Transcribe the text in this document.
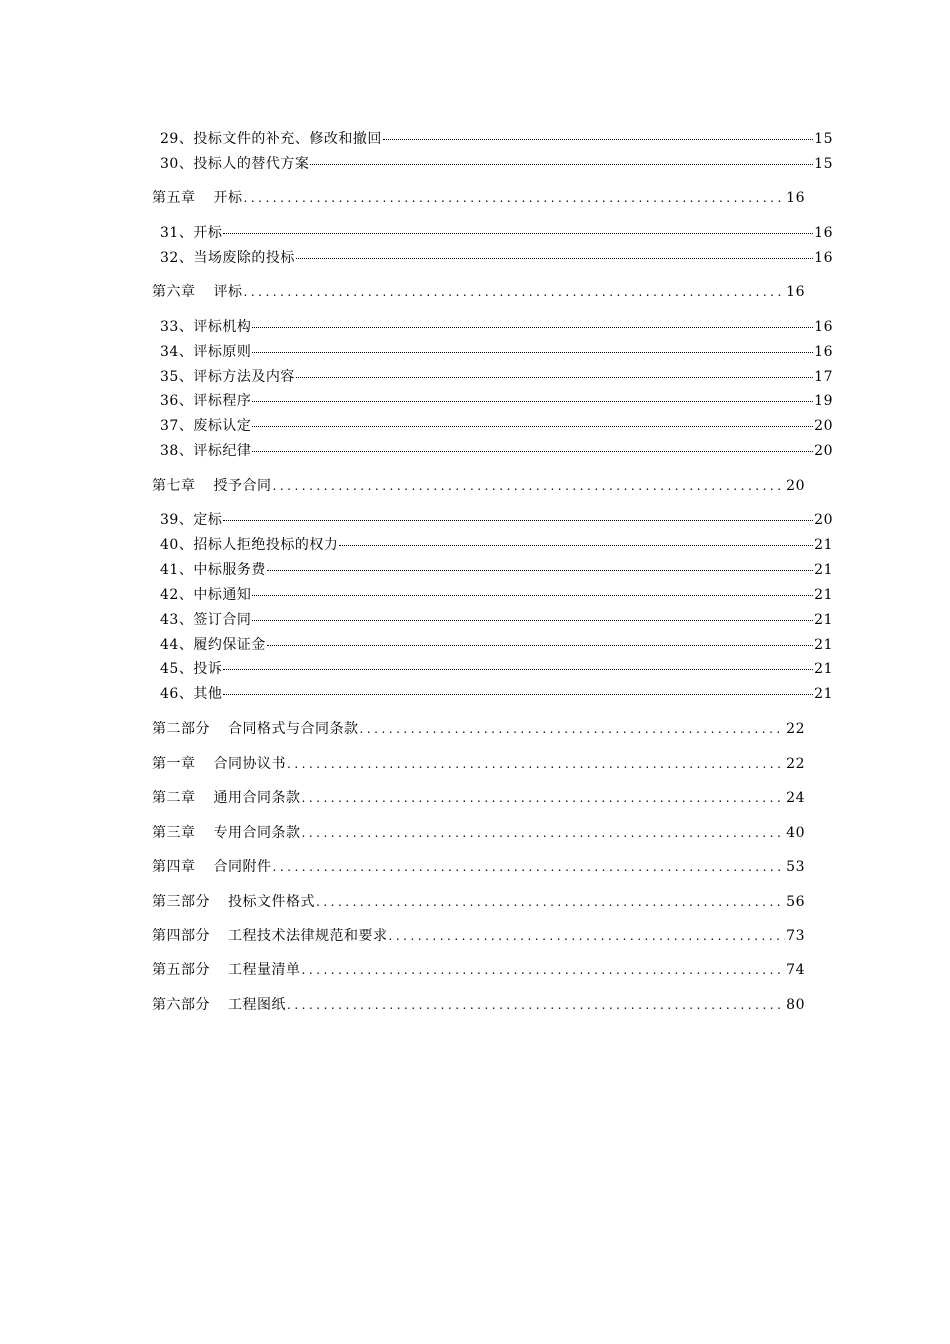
29、投标文件的补充、修改和撤回	15
30、投标人的替代方案	15
第五章 开标 .....	16
31、开标	16
32、当场废除的投标	16
第六章 评标 .....	16
33、评标机构	16
34、评标原则	16
35、评标方法及内容	17
36、评标程序	19
37、废标认定	20
38、评标纪律	20
第七章 授予合同 .....	20
39、定标	20
40、招标人拒绝投标的权力	21
41、中标服务费	21
42、中标通知	21
43、签订合同	21
44、履约保证金	21
45、投诉	21
46、其他	21
第二部分 合同格式与合同条款 .....	22
第一章 合同协议书 .....	22
第二章 通用合同条款 .....	24
第三章 专用合同条款 .....	40
第四章 合同附件 .....	53
第三部分 投标文件格式 .....	56
第四部分 工程技术法律规范和要求 .....	73
第五部分 工程量清单 .....	74
第六部分 工程图纸 .....	80
